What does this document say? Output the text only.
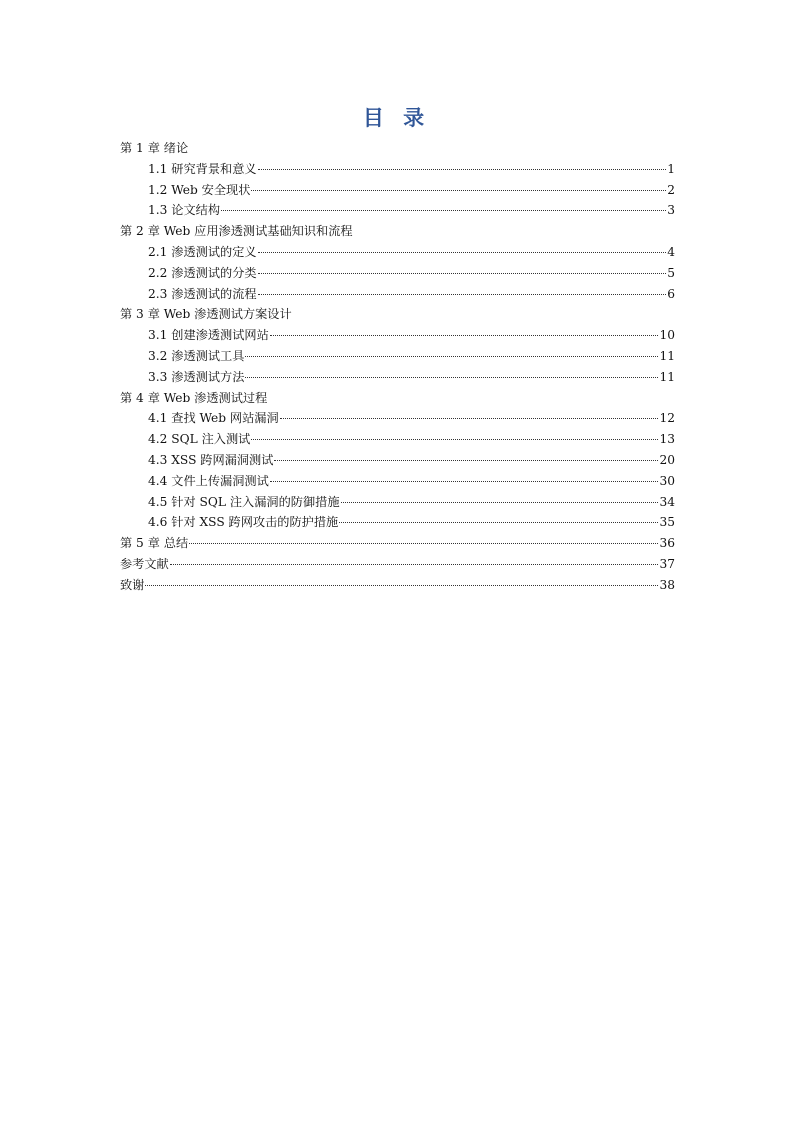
目 录
第 1 章 绪论
1.1 研究背景和意义	1
1.2 Web 安全现状	2
1.3 论文结构	3
第 2 章 Web 应用渗透测试基础知识和流程
2.1 渗透测试的定义	4
2.2 渗透测试的分类	5
2.3 渗透测试的流程	6
第 3 章 Web 渗透测试方案设计
3.1 创建渗透测试网站	10
3.2 渗透测试工具	11
3.3 渗透测试方法	11
第 4 章 Web 渗透测试过程
4.1 查找 Web 网站漏洞	12
4.2 SQL 注入测试	13
4.3 XSS 跨网漏洞测试	20
4.4 文件上传漏洞测试	30
4.5 针对 SQL 注入漏洞的防御措施	34
4.6 针对 XSS 跨网攻击的防护措施	35
第 5 章 总结	36
参考文献	37
致谢	38
